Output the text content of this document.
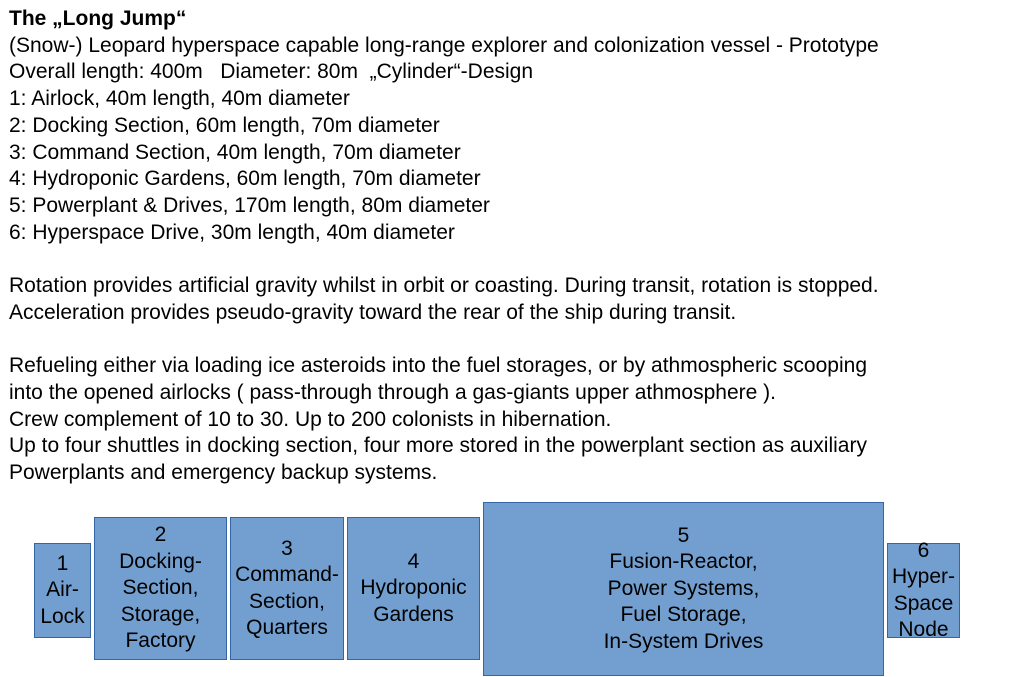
The „Long Jump“
(Snow-) Leopard hyperspace capable long-range explorer and colonization vessel - Prototype
Overall length: 400m   Diameter: 80m  „Cylinder“-Design
1: Airlock, 40m length, 40m diameter
2: Docking Section, 60m length, 70m diameter
3: Command Section, 40m length, 70m diameter
4: Hydroponic Gardens, 60m length, 70m diameter
5: Powerplant & Drives, 170m length, 80m diameter
6: Hyperspace Drive, 30m length, 40m diameter
Rotation provides artificial gravity whilst in orbit or coasting. During transit, rotation is stopped.
Acceleration provides pseudo-gravity toward the rear of the ship during transit.
Refueling either via loading ice asteroids into the fuel storages, or by athmospheric scooping
into the opened airlocks ( pass-through through a gas-giants upper athmosphere ).
Crew complement of 10 to 30. Up to 200 colonists in hibernation.
Up to four shuttles in docking section, four more stored in the powerplant section as auxiliary
Powerplants and emergency backup systems.
1
Air-
Lock
2
Docking-
Section,
Storage,
Factory
3
Command-
Section,
Quarters
4
Hydroponic
Gardens
5
Fusion-Reactor,
Power Systems,
Fuel Storage,
In-System Drives
6
Hyper-
Space
Node
